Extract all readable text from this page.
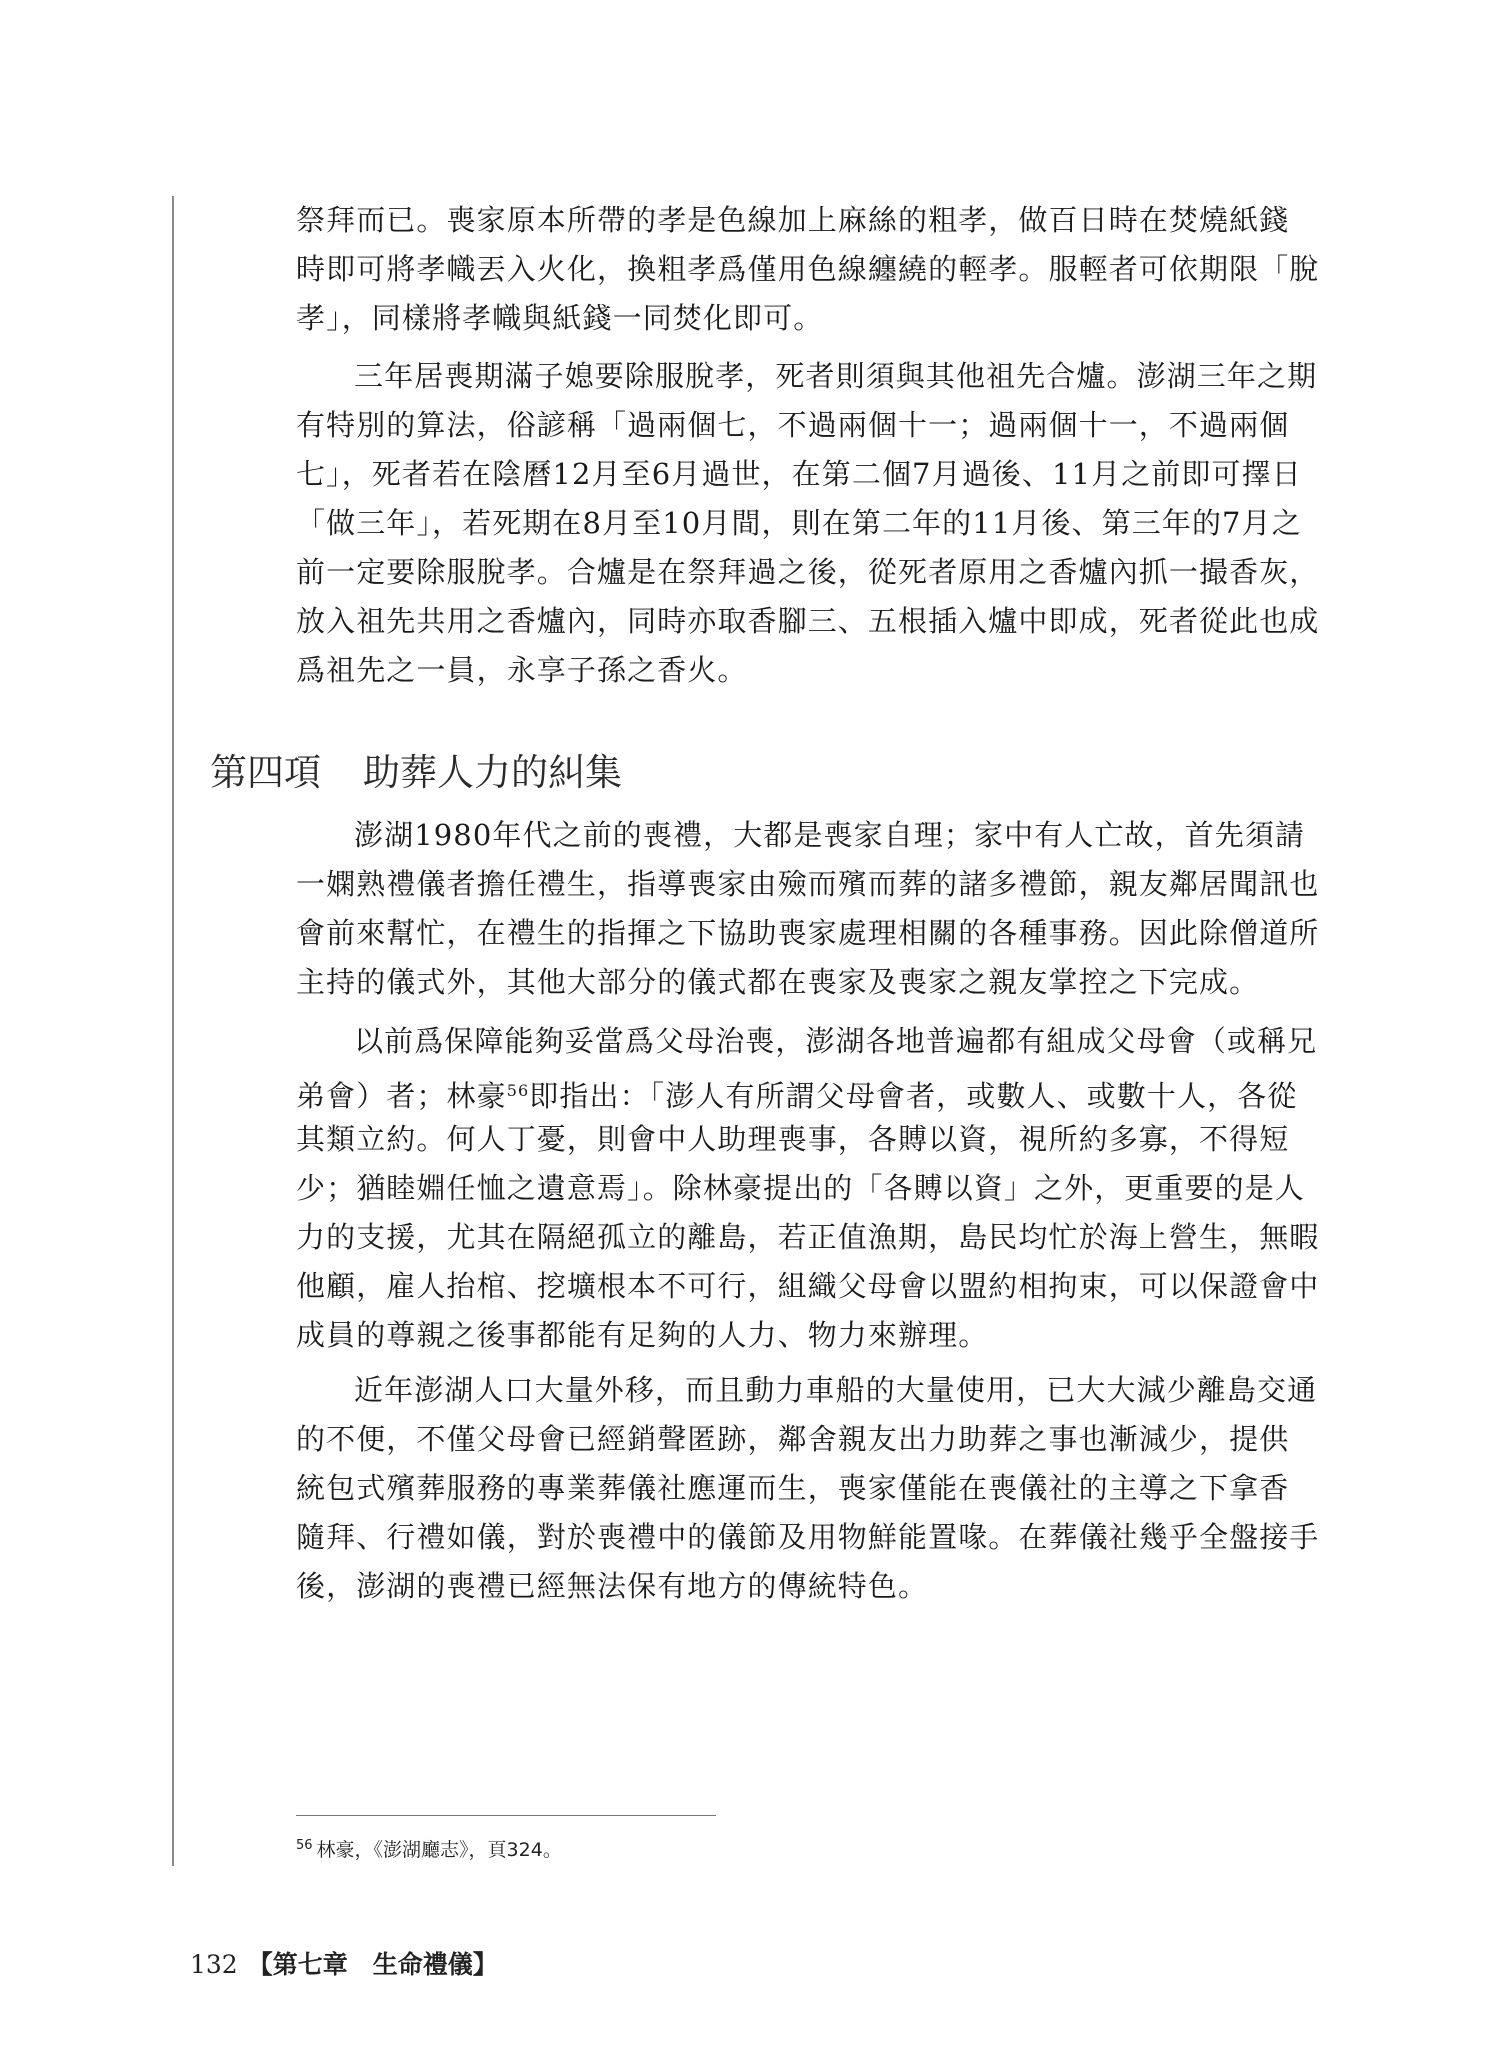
祭拜而已。喪家原本所帶的孝是色線加上麻絲的粗孝，做百日時在焚燒紙錢
時即可將孝幟丟入火化，換粗孝爲僅用色線纏繞的輕孝。服輕者可依期限「脫
孝」，同樣將孝幟與紙錢一同焚化即可。
三年居喪期滿子媳要除服脫孝，死者則須與其他祖先合爐。澎湖三年之期
有特別的算法，俗諺稱「過兩個七，不過兩個十一；過兩個十一，不過兩個
七」，死者若在陰曆12月至6月過世，在第二個7月過後、11月之前即可擇日
「做三年」，若死期在8月至10月間，則在第二年的11月後、第三年的7月之
前一定要除服脫孝。合爐是在祭拜過之後，從死者原用之香爐內抓一撮香灰，
放入祖先共用之香爐內，同時亦取香腳三、五根插入爐中即成，死者從此也成
爲祖先之一員，永享子孫之香火。
第四項 助葬人力的糾集
澎湖1980年代之前的喪禮，大都是喪家自理；家中有人亡故，首先須請
一嫻熟禮儀者擔任禮生，指導喪家由殮而殯而葬的諸多禮節，親友鄰居聞訊也
會前來幫忙，在禮生的指揮之下協助喪家處理相關的各種事務。因此除僧道所
主持的儀式外，其他大部分的儀式都在喪家及喪家之親友掌控之下完成。
以前爲保障能夠妥當爲父母治喪，澎湖各地普遍都有組成父母會（或稱兄
弟會）者；林豪$^{56}$即指出：「澎人有所謂父母會者，或數人、或數十人，各從
其類立約。何人丁憂，則會中人助理喪事，各賻以資，視所約多寡，不得短
少；猶睦婣任恤之遺意焉」。除林豪提出的「各賻以資」之外，更重要的是人
力的支援，尤其在隔絕孤立的離島，若正值漁期，島民均忙於海上營生，無暇
他顧，雇人抬棺、挖壙根本不可行，組織父母會以盟約相拘束，可以保證會中
成員的尊親之後事都能有足夠的人力、物力來辦理。
近年澎湖人口大量外移，而且動力車船的大量使用，已大大減少離島交通
的不便，不僅父母會已經銷聲匿跡，鄰舍親友出力助葬之事也漸減少，提供
統包式殯葬服務的專業葬儀社應運而生，喪家僅能在喪儀社的主導之下拿香
隨拜、行禮如儀，對於喪禮中的儀節及用物鮮能置喙。在葬儀社幾乎全盤接手
後，澎湖的喪禮已經無法保有地方的傳統特色。
$^{56}$ 林豪，《澎湖廳志》，頁324。
132 【第七章　生命禮儀】
